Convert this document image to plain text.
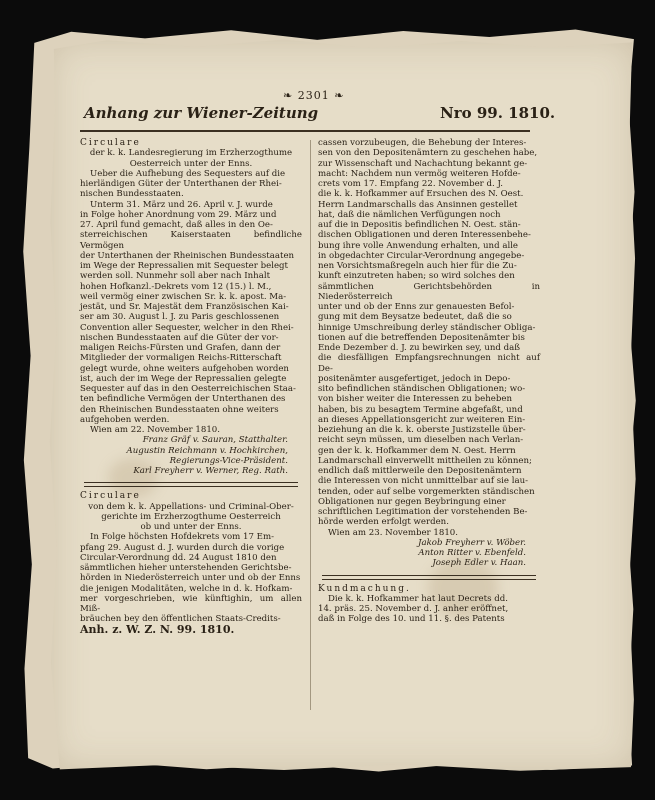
❧ 2301 ❧
Anhang zur Wiener-Zeitung	Nro 99. 1810.

Circulare

der k. k. Landesregierung im Erzherzogthume

Oesterreich unter der Enns.

Ueber die Aufhebung des Sequesters auf die

hierländigen Güter der Unterthanen der Rhei-

nischen Bundesstaaten.

Unterm 31. März und 26. April v. J. wurde

in Folge hoher Anordnung vom 29. März und

27. April fund gemacht, daß alles in den Oe-

sterreichischen Kaiserstaaten befindliche Vermögen

der Unterthanen der Rheinischen Bundesstaaten

im Wege der Repressalien mit Sequester belegt

werden soll. Nunmehr soll aber nach Inhalt

hohen Hofkanzl.-Dekrets vom 12 (15.) l. M.,

weil vermög einer zwischen Sr. k. k. apost. Ma-

jestät, und Sr. Majestät dem Französischen Kai-

ser am 30. August l. J. zu Paris geschlossenen

Convention aller Sequester, welcher in den Rhei-

nischen Bundesstaaten auf die Güter der vor-

maligen Reichs-Fürsten und Grafen, dann der

Mitglieder der vormaligen Reichs-Ritterschaft

gelegt wurde, ohne weiters aufgehoben worden

ist, auch der im Wege der Repressalien gelegte

Sequester auf das in den Oesterreichischen Staa-

ten befindliche Vermögen der Unterthanen des

den Rheinischen Bundesstaaten ohne weiters

aufgehoben werden.

Wien am 22. November 1810.

Franz Gräf v. Sauran, Statthalter.

Augustin Reichmann v. Hochkirchen,

Regierungs-Vice-Präsident.

Karl Freyherr v. Werner, Reg. Rath.

Circulare

von dem k. k. Appellations- und Criminal-Ober-

gerichte im Erzherzogthume Oesterreich

ob und unter der Enns.

In Folge höchsten Hofdekrets vom 17 Em-

pfang 29. August d. J. wurden durch die vorige

Circular-Verordnung dd. 24 August 1810 den

sämmtlichen hieher unterstehenden Gerichtsbe-

hörden in Niederösterreich unter und ob der Enns

die jenigen Modalitäten, welche in d. k. Hofkam-

mer vorgeschrieben, wie künftighin, um allen Miß-

bräuchen bey den öffentlichen Staats-Credits-

Anh. z. W. Z. N. 99. 1810.

cassen vorzubeugen, die Behebung der Interes-

sen von den Depositenämtern zu geschehen habe,

zur Wissenschaft und Nachachtung bekannt ge-

macht: Nachdem nun vermög weiteren Hofde-

crets vom 17. Empfang 22. November d. J.

die k. k. Hofkammer auf Ersuchen des N. Oest.

Herrn Landmarschalls das Ansinnen gestellet

hat, daß die nämlichen Verfügungen noch

auf die in Depositis befindlichen N. Oest. stän-

dischen Obligationen und deren Interessenbehe-

bung ihre volle Anwendung erhalten, und alle

in obgedachter Circular-Verordnung angegebe-

nen Vorsichtsmaßregeln auch hier für die Zu-

kunft einzutreten haben; so wird solches den

sämmtlichen Gerichtsbehörden in Niederösterreich

unter und ob der Enns zur genauesten Befol-

gung mit dem Beysatze bedeutet, daß die so

hinnige Umschreibung derley ständischer Obliga-

tionen auf die betreffenden Depositenämter bis

Ende Dezember d. J. zu bewirken sey, und daß

die diesfälligen Empfangsrechnungen nicht auf De-

positenämter ausgefertiget, jedoch in Depo-

sito befindlichen ständischen Obligationen; wo-

von bisher weiter die Interessen zu beheben

haben, bis zu besagtem Termine abgefaßt, und

an dieses Appellationsgericht zur weiteren Ein-

beziehung an die k. k. oberste Justizstelle über-

reicht seyn müssen, um dieselben nach Verlan-

gen der k. k. Hofkammer dem N. Oest. Herrn

Landmarschall einverwellt mittheilen zu können;

endlich daß mittlerweile den Depositenämtern

die Interessen von nicht unmittelbar auf sie lau-

tenden, oder auf selbe vorgemerkten ständischen

Obligationen nur gegen Beybringung einer

schriftlichen Legitimation der vorstehenden Be-

hörde werden erfolgt werden.

Wien am 23. November 1810.

Jakob Freyherr v. Wöber.

Anton Ritter v. Ebenfeld.

Joseph Edler v. Haan.

Kundmachung.

Die k. k. Hofkammer hat laut Decrets dd.

14. präs. 25. November d. J. anher eröffnet,

daß in Folge des 10. und 11. §. des Patents
